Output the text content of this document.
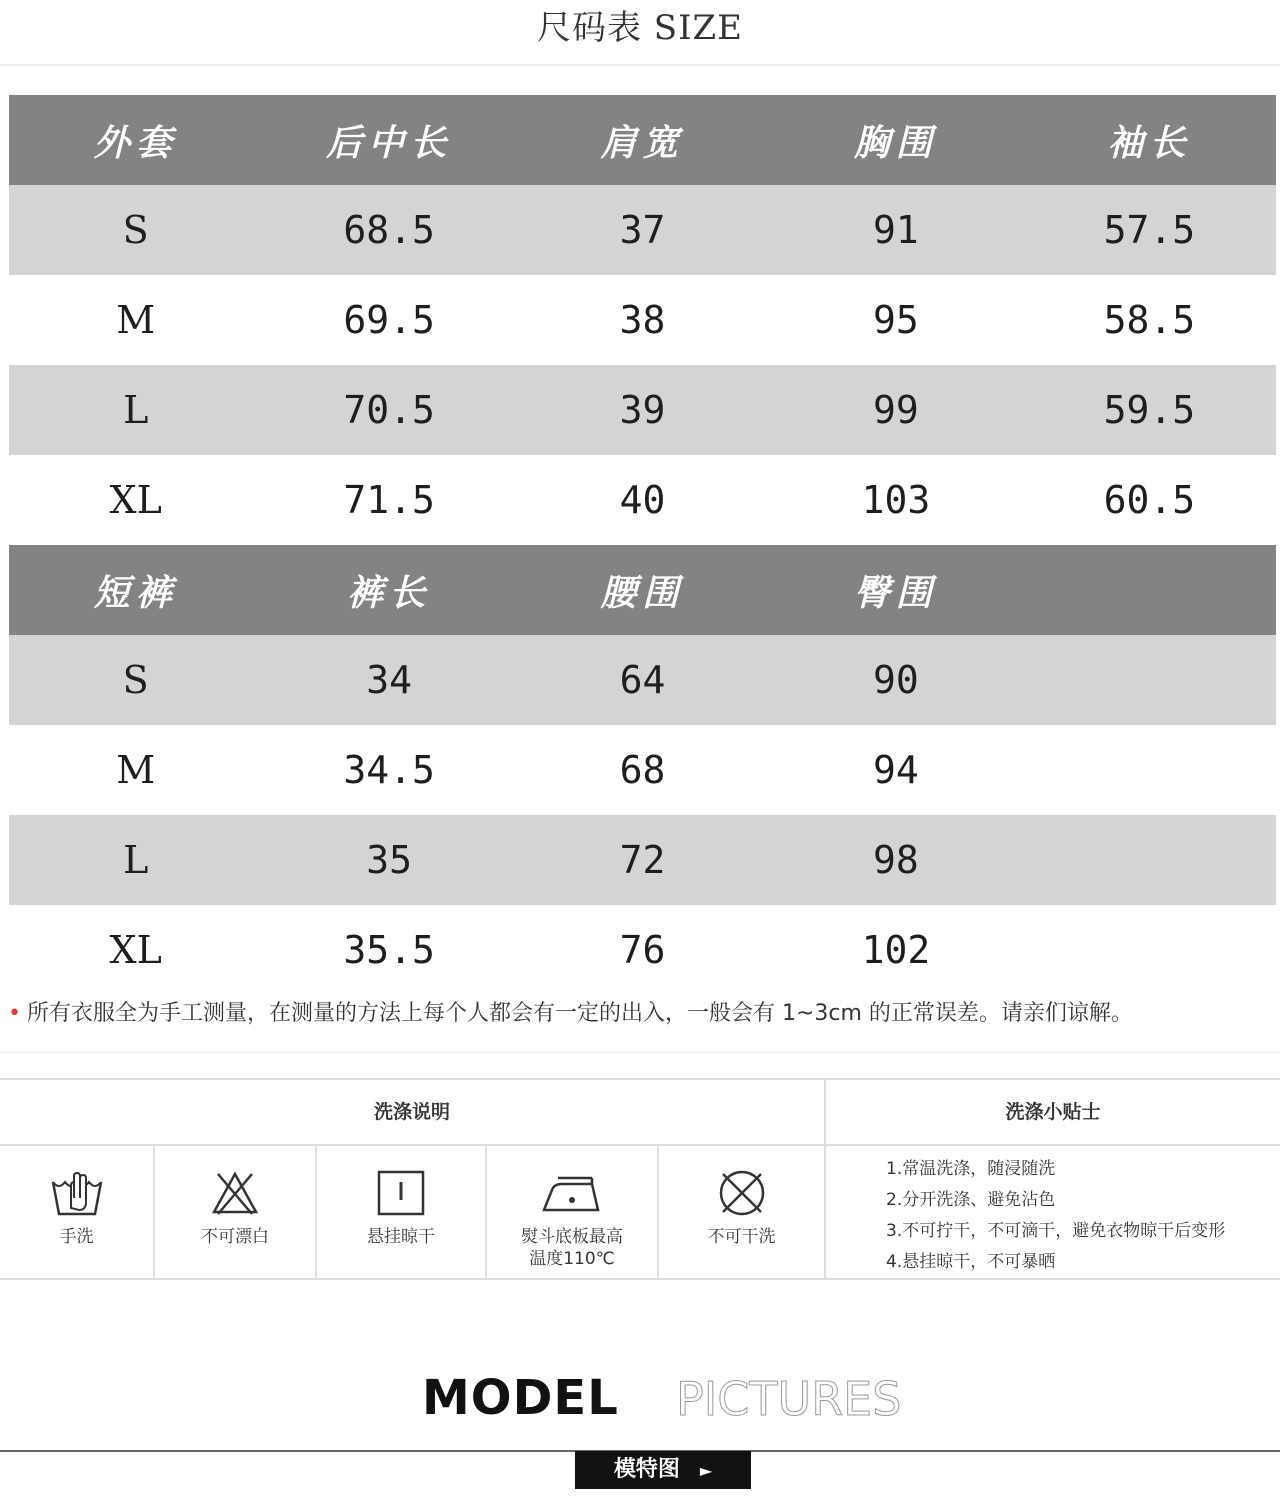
尺码表 SIZE
外套	后中长	肩宽	胸围	袖长
S	68.5	37	91	57.5
M	69.5	38	95	58.5
L	70.5	39	99	59.5
XL	71.5	40	103	60.5
短裤	裤长	腰围	臀围
S	34	64	90
M	34.5	68	94
L	35	72	98
XL	35.5	76	102
• 所有衣服全为手工测量，在测量的方法上每个人都会有一定的出入，一般会有 1~3cm 的正常误差。请亲们谅解。
洗涤说明
手洗	不可漂白	悬挂晾干	熨斗底板最高
温度110℃
不可干洗
洗涤小贴士
1.常温洗涤，随浸随洗
2.分开洗涤、避免沾色
3.不可拧干，不可滴干，避免衣物晾干后变形
4.悬挂晾干，不可暴晒
MODEL PICTURES
模特图 ►
